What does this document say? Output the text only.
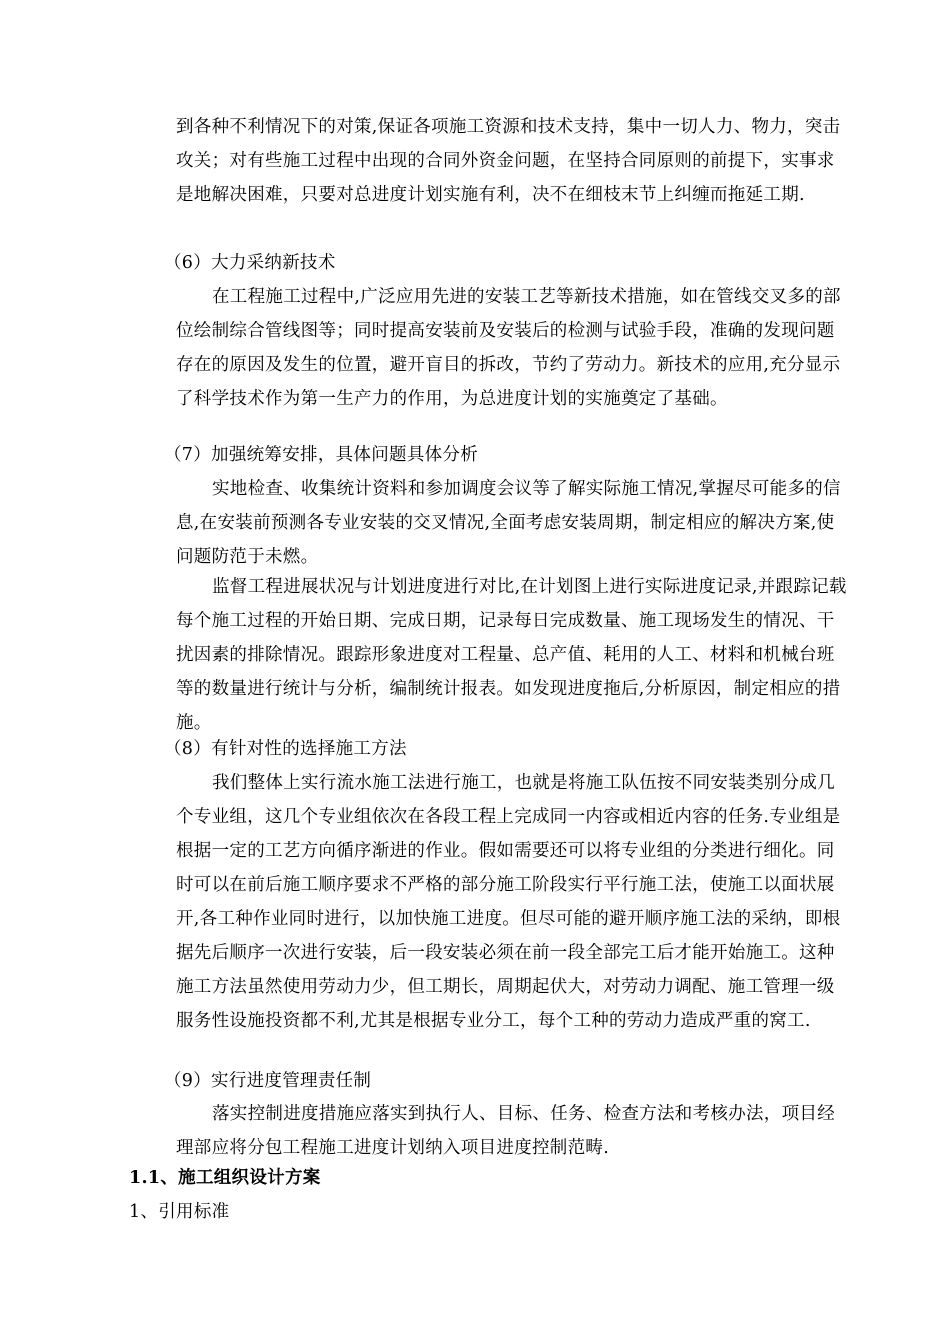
到各种不利情况下的对策,保证各项施工资源和技术支持，集中一切人力、物力，突击攻关；对有些施工过程中出现的合同外资金问题，在坚持合同原则的前提下，实事求是地解决困难，只要对总进度计划实施有利，决不在细枝末节上纠缠而拖延工期.

（6）大力采纳新技术

在工程施工过程中,广泛应用先进的安装工艺等新技术措施，如在管线交叉多的部位绘制综合管线图等；同时提高安装前及安装后的检测与试验手段，准确的发现问题存在的原因及发生的位置，避开盲目的拆改，节约了劳动力。新技术的应用,充分显示了科学技术作为第一生产力的作用，为总进度计划的实施奠定了基础。

（7）加强统筹安排，具体问题具体分析

实地检查、收集统计资料和参加调度会议等了解实际施工情况,掌握尽可能多的信息,在安装前预测各专业安装的交叉情况,全面考虑安装周期，制定相应的解决方案,使问题防范于未燃。

监督工程进展状况与计划进度进行对比,在计划图上进行实际进度记录,并跟踪记载每个施工过程的开始日期、完成日期，记录每日完成数量、施工现场发生的情况、干扰因素的排除情况。跟踪形象进度对工程量、总产值、耗用的人工、材料和机械台班等的数量进行统计与分析，编制统计报表。如发现进度拖后,分析原因，制定相应的措施。

（8）有针对性的选择施工方法

我们整体上实行流水施工法进行施工，也就是将施工队伍按不同安装类别分成几个专业组，这几个专业组依次在各段工程上完成同一内容或相近内容的任务.专业组是根据一定的工艺方向循序渐进的作业。假如需要还可以将专业组的分类进行细化。同时可以在前后施工顺序要求不严格的部分施工阶段实行平行施工法，使施工以面状展开,各工种作业同时进行，以加快施工进度。但尽可能的避开顺序施工法的采纳，即根据先后顺序一次进行安装，后一段安装必须在前一段全部完工后才能开始施工。这种施工方法虽然使用劳动力少，但工期长，周期起伏大，对劳动力调配、施工管理一级服务性设施投资都不利,尤其是根据专业分工，每个工种的劳动力造成严重的窝工.

（9）实行进度管理责任制

落实控制进度措施应落实到执行人、目标、任务、检查方法和考核办法，项目经理部应将分包工程施工进度计划纳入项目进度控制范畴.

1.1、施工组织设计方案

1、引用标准
